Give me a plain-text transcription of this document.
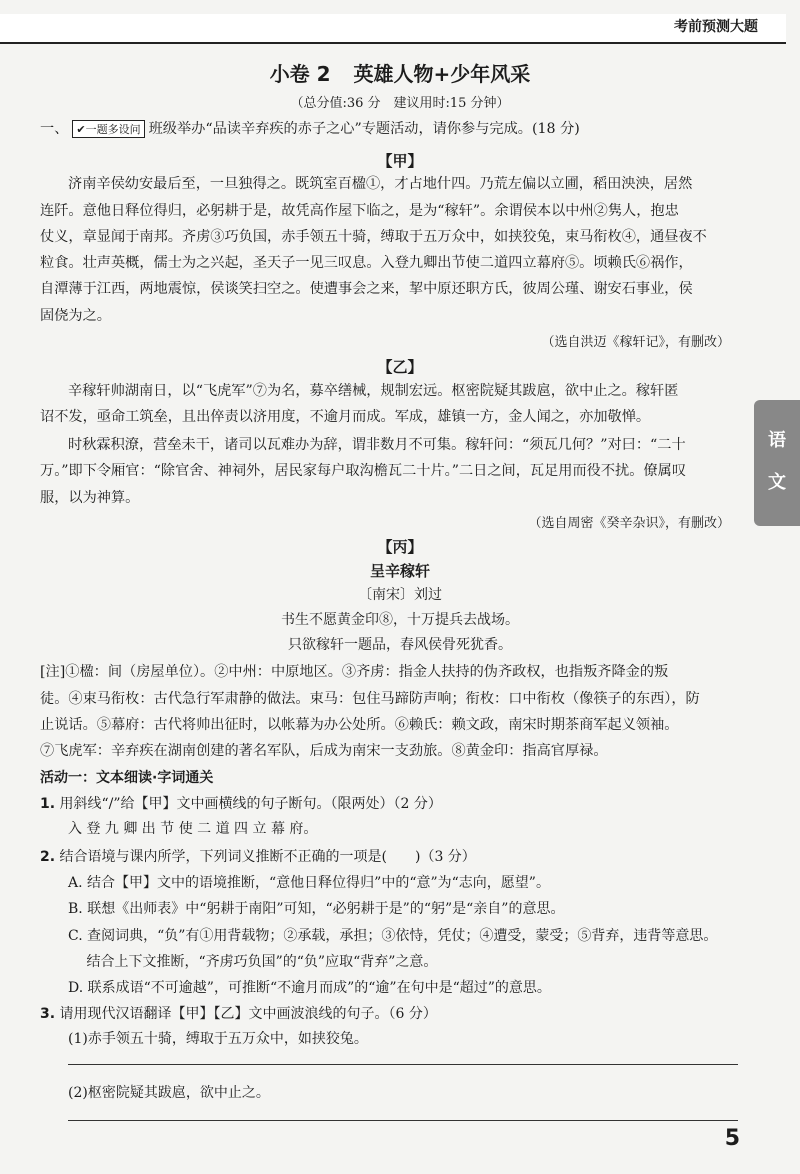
考前预测大题
小卷 2 英雄人物+少年风采
（总分值:36 分　建议用时:15 分钟）
一、 ✔一题多设问 班级举办“品读辛弃疾的赤子之心”专题活动，请你参与完成。(18 分)
【甲】
济南辛侯幼安最后至，一旦独得之。既筑室百楹①，才占地什四。乃荒左偏以立圃，稻田泱泱，居然
连阡。意他日释位得归，必躬耕于是，故凭高作屋下临之，是为“稼轩”。余谓侯本以中州②隽人，抱忠
仗义，章显闻于南邦。齐虏③巧负国，赤手领五十骑，缚取于五万众中，如挟狡兔，束马衔枚④，通昼夜不
粒食。壮声英概，儒士为之兴起，圣天子一见三叹息。入登九卿出节使二道四立幕府⑤。顷赖氏⑥祸作，
自潭薄于江西，两地震惊，侯谈笑扫空之。使遭事会之来，挈中原还职方氏，彼周公瑾、谢安石事业，侯
固侥为之。
（选自洪迈《稼轩记》，有删改）
【乙】
辛稼轩帅湖南日，以“飞虎军”⑦为名，募卒缮械，规制宏远。枢密院疑其跋扈，欲中止之。稼轩匿
诏不发，亟命工筑垒，且出倅责以济用度，不逾月而成。军成，雄镇一方，金人闻之，亦加敬惮。
时秋霖积潦，营垒未干，诸司以瓦难办为辞，谓非数月不可集。稼轩问：“须瓦几何？”对曰：“二十
万。”即下令厢官：“除官舍、神祠外，居民家每户取沟檐瓦二十片。”二日之间，瓦足用而役不扰。僚属叹
服，以为神算。
（选自周密《癸辛杂识》，有删改）
语
文
【丙】
呈辛稼轩
〔南宋〕刘过
书生不愿黄金印⑧，十万提兵去战场。
只欲稼轩一题品，春风侯骨死犹香。
[注]①楹：间（房屋单位）。②中州：中原地区。③齐虏：指金人扶持的伪齐政权，也指叛齐降金的叛
徒。④束马衔枚：古代急行军肃静的做法。束马：包住马蹄防声响；衔枚：口中衔枚（像筷子的东西），防
止说话。⑤幕府：古代将帅出征时，以帐幕为办公处所。⑥赖氏：赖文政，南宋时期茶商军起义领袖。
⑦飞虎军：辛弃疾在湖南创建的著名军队，后成为南宋一支劲旅。⑧黄金印：指高官厚禄。
活动一：文本细读·字词通关
1. 用斜线“/”给【甲】文中画横线的句子断句。（限两处）（2 分）
入 登 九 卿 出 节 使 二 道 四 立 幕 府。
2. 结合语境与课内所学，下列词义推断不正确的一项是(　　)（3 分）
A. 结合【甲】文中的语境推断，“意他日释位得归”中的“意”为“志向，愿望”。
B. 联想《出师表》中“躬耕于南阳”可知，“必躬耕于是”的“躬”是“亲自”的意思。
C. 查阅词典，“负”有①用背载物；②承载，承担；③依恃，凭仗；④遭受，蒙受；⑤背弃，违背等意思。
　 结合上下文推断，“齐虏巧负国”的“负”应取“背弃”之意。
D. 联系成语“不可逾越”，可推断“不逾月而成”的“逾”在句中是“超过”的意思。
3. 请用现代汉语翻译【甲】【乙】文中画波浪线的句子。（6 分）
(1)赤手领五十骑，缚取于五万众中，如挟狡兔。
(2)枢密院疑其跋扈，欲中止之。
5
